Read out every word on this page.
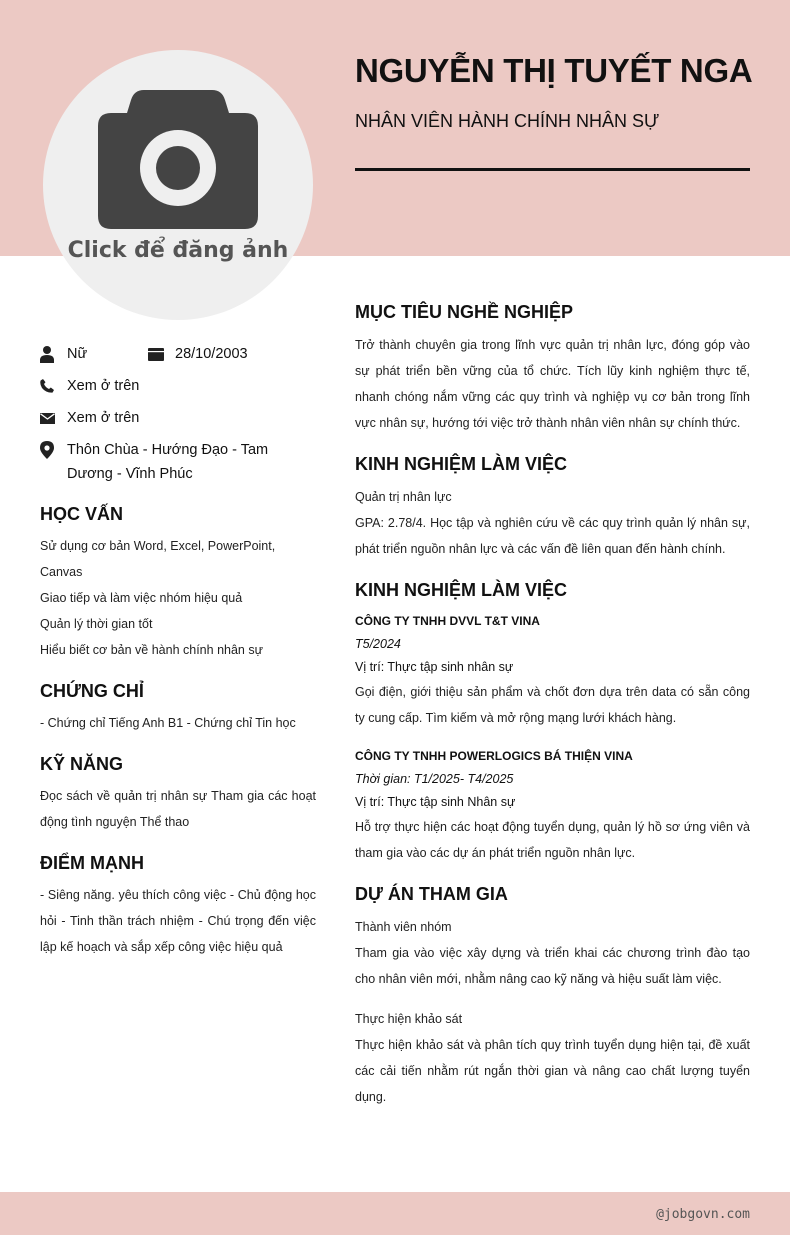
Click để đăng ảnh
NGUYỄN THỊ TUYẾT NGA
NHÂN VIÊN HÀNH CHÍNH NHÂN SỰ
Nữ	28/10/2003
Xem ở trên
Xem ở trên
Thôn Chùa - Hướng Đạo - Tam Dương - Vĩnh Phúc
HỌC VẤN
Sử dụng cơ bản Word, Excel, PowerPoint, Canvas
Giao tiếp và làm việc nhóm hiệu quả
Quản lý thời gian tốt
Hiểu biết cơ bản về hành chính nhân sự
CHỨNG CHỈ
- Chứng chỉ Tiếng Anh B1 - Chứng chỉ Tin học
KỸ NĂNG
Đọc sách về quản trị nhân sự Tham gia các hoạt động tình nguyện Thể thao
ĐIỂM MẠNH
- Siêng năng. yêu thích công việc - Chủ động học hỏi - Tinh thần trách nhiệm - Chú trọng đến việc lập kế hoạch và sắp xếp công việc hiệu quả
MỤC TIÊU NGHỀ NGHIỆP
Trở thành chuyên gia trong lĩnh vực quản trị nhân lực, đóng góp vào sự phát triển bền vững của tổ chức. Tích lũy kinh nghiệm thực tế, nhanh chóng nắm vững các quy trình và nghiệp vụ cơ bản trong lĩnh vực nhân sự, hướng tới việc trở thành nhân viên nhân sự chính thức.
KINH NGHIỆM LÀM VIỆC
Quản trị nhân lực
GPA: 2.78/4. Học tập và nghiên cứu về các quy trình quản lý nhân sự, phát triển nguồn nhân lực và các vấn đề liên quan đến hành chính.
KINH NGHIỆM LÀM VIỆC
CÔNG TY TNHH DVVL T&T VINA
T5/2024
Vị trí: Thực tập sinh nhân sự
Gọi điện, giới thiệu sản phẩm và chốt đơn dựa trên data có sẵn công ty cung cấp. Tìm kiếm và mở rộng mạng lưới khách hàng.
CÔNG TY TNHH POWERLOGICS BÁ THIỆN VINA
Thời gian: T1/2025- T4/2025
Vị trí: Thực tập sinh Nhân sự
Hỗ trợ thực hiện các hoạt động tuyển dụng, quản lý hồ sơ ứng viên và tham gia vào các dự án phát triển nguồn nhân lực.
DỰ ÁN THAM GIA
Thành viên nhóm
Tham gia vào việc xây dựng và triển khai các chương trình đào tạo cho nhân viên mới, nhằm nâng cao kỹ năng và hiệu suất làm việc.
Thực hiện khảo sát
Thực hiện khảo sát và phân tích quy trình tuyển dụng hiện tại, đề xuất các cải tiến nhằm rút ngắn thời gian và nâng cao chất lượng tuyển dụng.
@jobgovn.com
